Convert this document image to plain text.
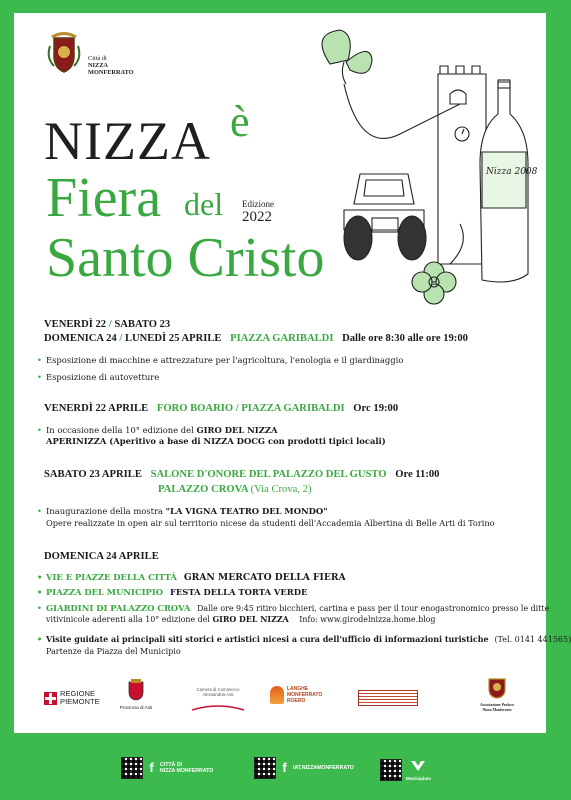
Città di
NIZZA
MONFERRATO
NIZZA è
Fiera del Edizione
2022
Santo Cristo
Nizza 2008
VENERDÌ 22 / SABATO 23
DOMENICA 24 / LUNEDÌ 25 APRILE PIAZZA GARIBALDI Dalle ore 8:30 alle ore 19:00
• Esposizione di macchine e attrezzature per l'agricoltura, l'enologia e il giardinaggio
• Esposizione di autovetture
VENERDÌ 22 APRILE FORO BOARIO / PIAZZA GARIBALDI Orc 19:00
• In occasione della 10° edizione del GIRO DEL NIZZA
APERINIZZA (Aperitivo a base di NIZZA DOCG con prodotti tipici locali)
SABATO 23 APRILE SALONE D'ONORE DEL PALAZZO DEL GUSTO Ore 11:00
PALAZZO CROVA (Via Crova, 2)
• Inaugurazione della mostra "LA VIGNA TEATRO DEL MONDO"
Opere realizzate in open air sul territorio nicese da studenti dell'Accademia Albertina di Belle Arti di Torino
DOMENICA 24 APRILE
• VIE E PIAZZE DELLA CITTÀ GRAN MERCATO DELLA FIERA
• PIAZZA DEL MUNICIPIO FESTA DELLA TORTA VERDE
• GIARDINI DI PALAZZO CROVA Dalle ore 9:45 ritiro bicchieri, cartina e pass per il tour enogastronomico presso le ditte
vitivinicole aderenti alla 10° edizione del GIRO DEL NIZZA Info: www.girodelnizza.home.blog
• Visite guidate ai principali siti storici e artistici nicesi a cura dell'ufficio di informazioni turistiche (Tel. 0141 441565)
Partenze da Piazza del Municipio
REGIONE
PIEMONTE
Provincia di Asti
Camera di Commercio
Alessandria-Asti
LANGHE
MONFERRATO
ROERO
Associazione Proloco
Nizza Monferrato
f	CITTÀ DI
NIZZA MONFERRATO	f	IAT.NIZZAMONFERRATO
Municipium
